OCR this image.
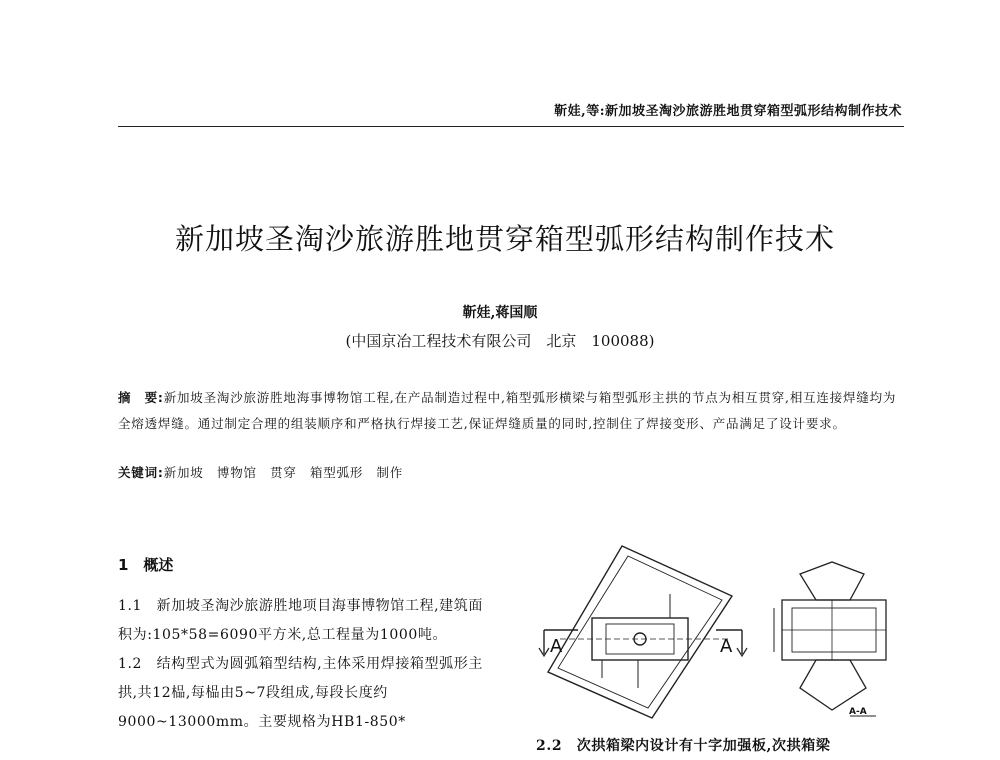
靳娃,等:新加坡圣淘沙旅游胜地贯穿箱型弧形结构制作技术
新加坡圣淘沙旅游胜地贯穿箱型弧形结构制作技术
靳娃,蒋国顺
(中国京冶工程技术有限公司　北京　100088)
摘　要:新加坡圣淘沙旅游胜地海事博物馆工程,在产品制造过程中,箱型弧形横梁与箱型弧形主拱的节点为相互贯穿,相互连接焊缝均为全熔透焊缝。通过制定合理的组装顺序和严格执行焊接工艺,保证焊缝质量的同时,控制住了焊接变形、产品满足了设计要求。
关键词:新加坡　博物馆　贯穿　箱型弧形　制作
1　概述

1.1　新加坡圣淘沙旅游胜地项目海事博物馆工程,建筑面积为:105*58=6090平方米,总工程量为1000吨。

1.2　结构型式为圆弧箱型结构,主体采用焊接箱型弧形主拱,共12榀,每榀由5~7段组成,每段长度约9000~13000mm。主要规格为HB1-850*

A	A
A-A
2.2　次拱箱梁内设计有十字加强板,次拱箱梁
